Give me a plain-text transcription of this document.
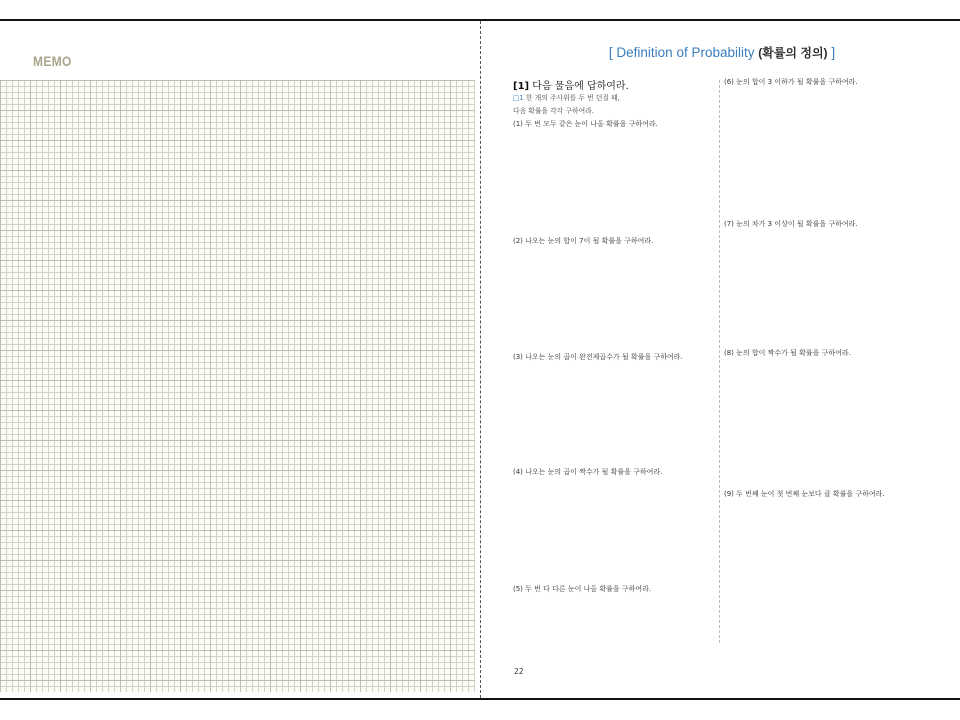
MEMO
[ Definition of Probability (확률의 정의) ]
[1] 다음 물음에 답하여라.
□1 한 개의 주사위를 두 번 던질 때,
다음 확률을 각각 구하여라.
(1) 두 번 모두 같은 눈이 나올 확률을 구하여라.
(2) 나오는 눈의 합이 7이 될 확률을 구하여라.
(3) 나오는 눈의 곱이 완전제곱수가 될 확률을 구하여라.
(4) 나오는 눈의 곱이 짝수가 될 확률을 구하여라.
(5) 두 번 다 다른 눈이 나올 확률을 구하여라.
(6) 눈의 합이 3 이하가 될 확률을 구하여라.
(7) 눈의 차가 3 이상이 될 확률을 구하여라.
(8) 눈의 합이 짝수가 될 확률을 구하여라.
(9) 두 번째 눈이 첫 번째 눈보다 클 확률을 구하여라.
22
